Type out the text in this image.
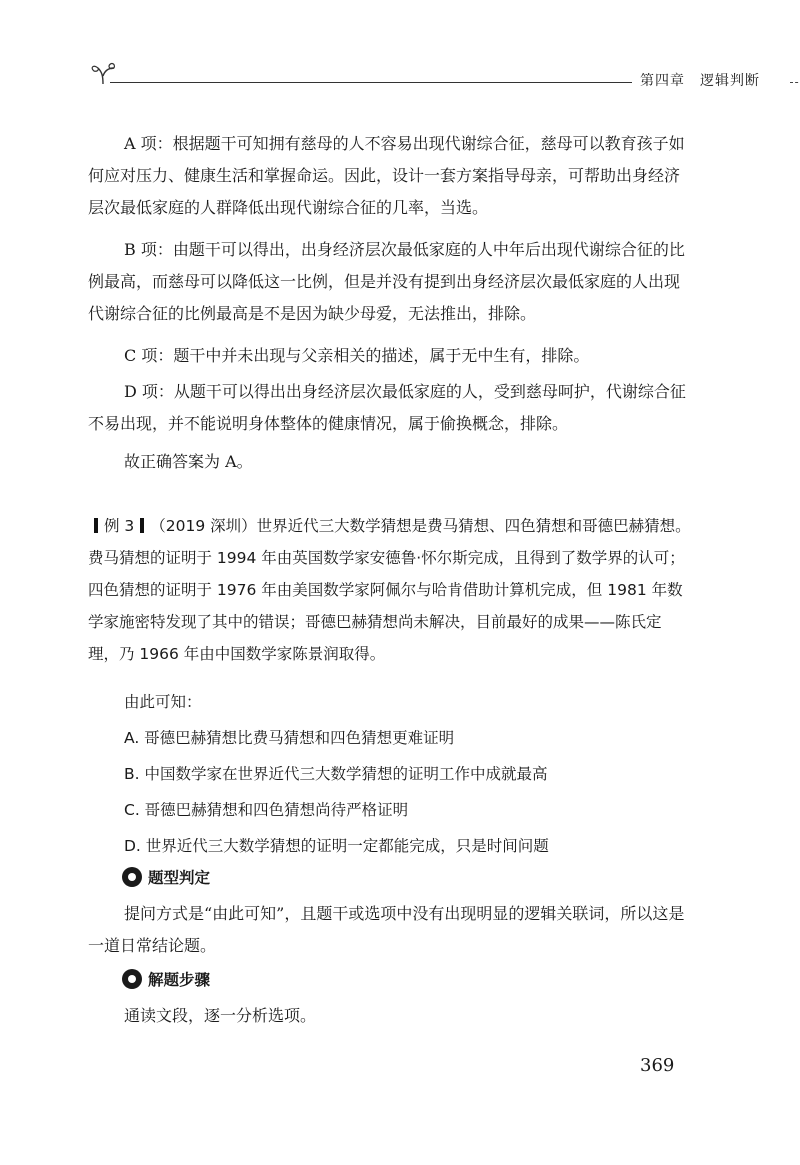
第四章　逻辑判断

A 项：根据题干可知拥有慈母的人不容易出现代谢综合征，慈母可以教育孩子如何应对压力、健康生活和掌握命运。因此，设计一套方案指导母亲，可帮助出身经济层次最低家庭的人群降低出现代谢综合征的几率，当选。

B 项：由题干可以得出，出身经济层次最低家庭的人中年后出现代谢综合征的比例最高，而慈母可以降低这一比例，但是并没有提到出身经济层次最低家庭的人出现代谢综合征的比例最高是不是因为缺少母爱，无法推出，排除。

C 项：题干中并未出现与父亲相关的描述，属于无中生有，排除。

D 项：从题干可以得出出身经济层次最低家庭的人，受到慈母呵护，代谢综合征不易出现，并不能说明身体整体的健康情况，属于偷换概念，排除。

故正确答案为 A。

例 3 （2019 深圳）世界近代三大数学猜想是费马猜想、四色猜想和哥德巴赫猜想。费马猜想的证明于 1994 年由英国数学家安德鲁·怀尔斯完成，且得到了数学界的认可；四色猜想的证明于 1976 年由美国数学家阿佩尔与哈肯借助计算机完成，但 1981 年数学家施密特发现了其中的错误；哥德巴赫猜想尚未解决，目前最好的成果——陈氏定理，乃 1966 年由中国数学家陈景润取得。

由此可知：

A. 哥德巴赫猜想比费马猜想和四色猜想更难证明
B. 中国数学家在世界近代三大数学猜想的证明工作中成就最高
C. 哥德巴赫猜想和四色猜想尚待严格证明
D. 世界近代三大数学猜想的证明一定都能完成，只是时间问题
题型判定

提问方式是“由此可知”，且题干或选项中没有出现明显的逻辑关联词，所以这是一道日常结论题。

解题步骤

通读文段，逐一分析选项。

369
